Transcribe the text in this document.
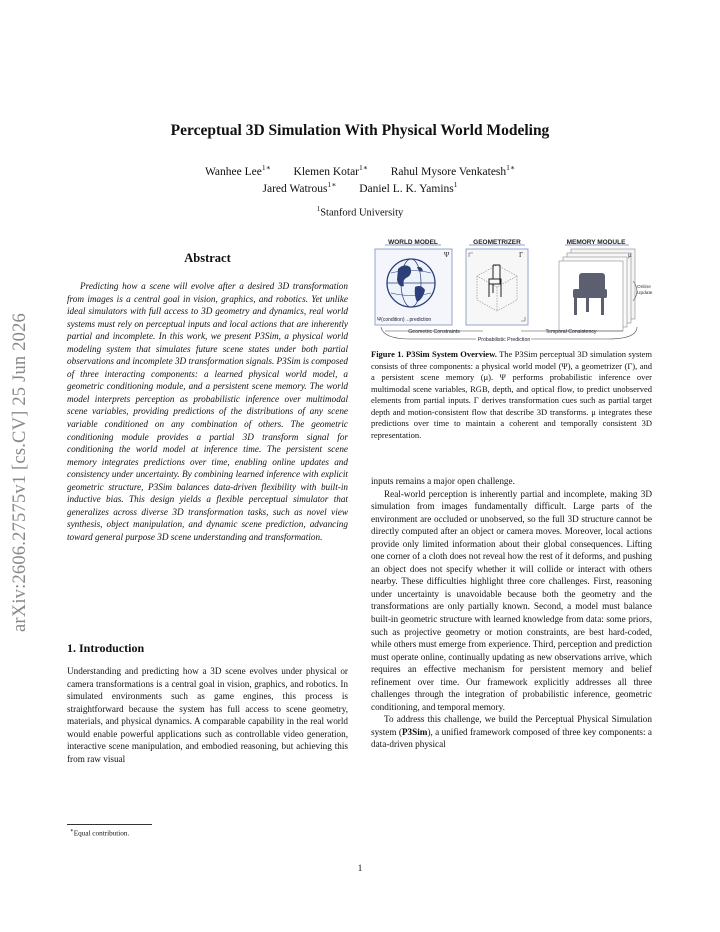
Perceptual 3D Simulation With Physical World Modeling
Wanhee Lee$^{1∗}$ Klemen Kotar$^{1∗}$ Rahul Mysore Venkatesh$^{1∗}$
Jared Watrous$^{1∗}$ Daniel L. K. Yamins$^1$
$^1$Stanford University
arXiv:2606.27575v1 [cs.CV] 25 Jun 2026
Abstract

Predicting how a scene will evolve after a desired 3D transformation from images is a central goal in vision, graphics, and robotics. Yet unlike ideal simulators with full access to 3D geometry and dynamics, real world systems must rely on perceptual inputs and local actions that are inherently partial and incomplete. In this work, we present P3Sim, a physical world modeling system that simulates future scene states under both partial observations and incomplete 3D transformation signals. P3Sim is composed of three interacting components: a learned physical world model, a geometric conditioning module, and a persistent scene memory. The world model interprets perception as probabilistic inference over multimodal scene variables, providing predictions of the distributions of any scene variable conditioned on any combination of others. The geometric conditioning module provides a partial 3D transform signal for conditioning the world model at inference time. The persistent scene memory integrates predictions over time, enabling online updates and consistency under uncertainty. By combining learned inference with explicit geometric structure, P3Sim balances data-driven flexibility with built-in inductive bias. This design yields a flexible perceptual simulator that generalizes across diverse 3D transformation tasks, such as novel view synthesis, object manipulation, and dynamic scene prediction, advancing toward general purpose 3D scene understanding and transformation.

1. Introduction

Understanding and predicting how a 3D scene evolves under physical or camera transformations is a central goal in vision, graphics, and robotics. In simulated environments such as game engines, this process is straightforward because the system has full access to scene geometry, materials, and physical dynamics. A comparable capability in the real world would enable powerful applications such as controllable video generation, interactive scene manipulation, and embodied reasoning, but achieving this from raw visual

∗Equal contribution.
WORLD MODEL	GEOMETRIZER	MEMORY MODULE
Ψ
Ψ(condition)→prediction
Γ	μ
Online
Update
Geometric Constraints	Temporal Consistency
Probabilistic Prediction
Figure 1. P3Sim System Overview. The P3Sim perceptual 3D simulation system consists of three components: a physical world model (Ψ), a geometrizer (Γ), and a persistent scene memory (μ). Ψ performs probabilistic inference over multimodal scene variables, RGB, depth, and optical flow, to predict unobserved elements from partial inputs. Γ derives transformation cues such as partial target depth and motion-consistent flow that describe 3D transforms. μ integrates these predictions over time to maintain a coherent and temporally consistent 3D representation.

inputs remains a major open challenge.

Real-world perception is inherently partial and incomplete, making 3D simulation from images fundamentally difficult. Large parts of the environment are occluded or unobserved, so the full 3D structure cannot be directly computed after an object or camera moves. Moreover, local actions provide only limited information about their global consequences. Lifting one corner of a cloth does not reveal how the rest of it deforms, and pushing an object does not specify whether it will collide or interact with others nearby. These difficulties highlight three core challenges. First, reasoning under uncertainty is unavoidable because both the geometry and the transformations are only partially known. Second, a model must balance built-in geometric structure with learned knowledge from data: some priors, such as projective geometry or motion constraints, are best hard-coded, while others must emerge from experience. Third, perception and prediction must operate online, continually updating as new observations arrive, which requires an effective mechanism for persistent memory and belief refinement over time. Our framework explicitly addresses all three challenges through the integration of probabilistic inference, geometric conditioning, and temporal memory.

To address this challenge, we build the Perceptual Physical Simulation system (P3Sim), a unified framework composed of three key components: a data-driven physical

1
